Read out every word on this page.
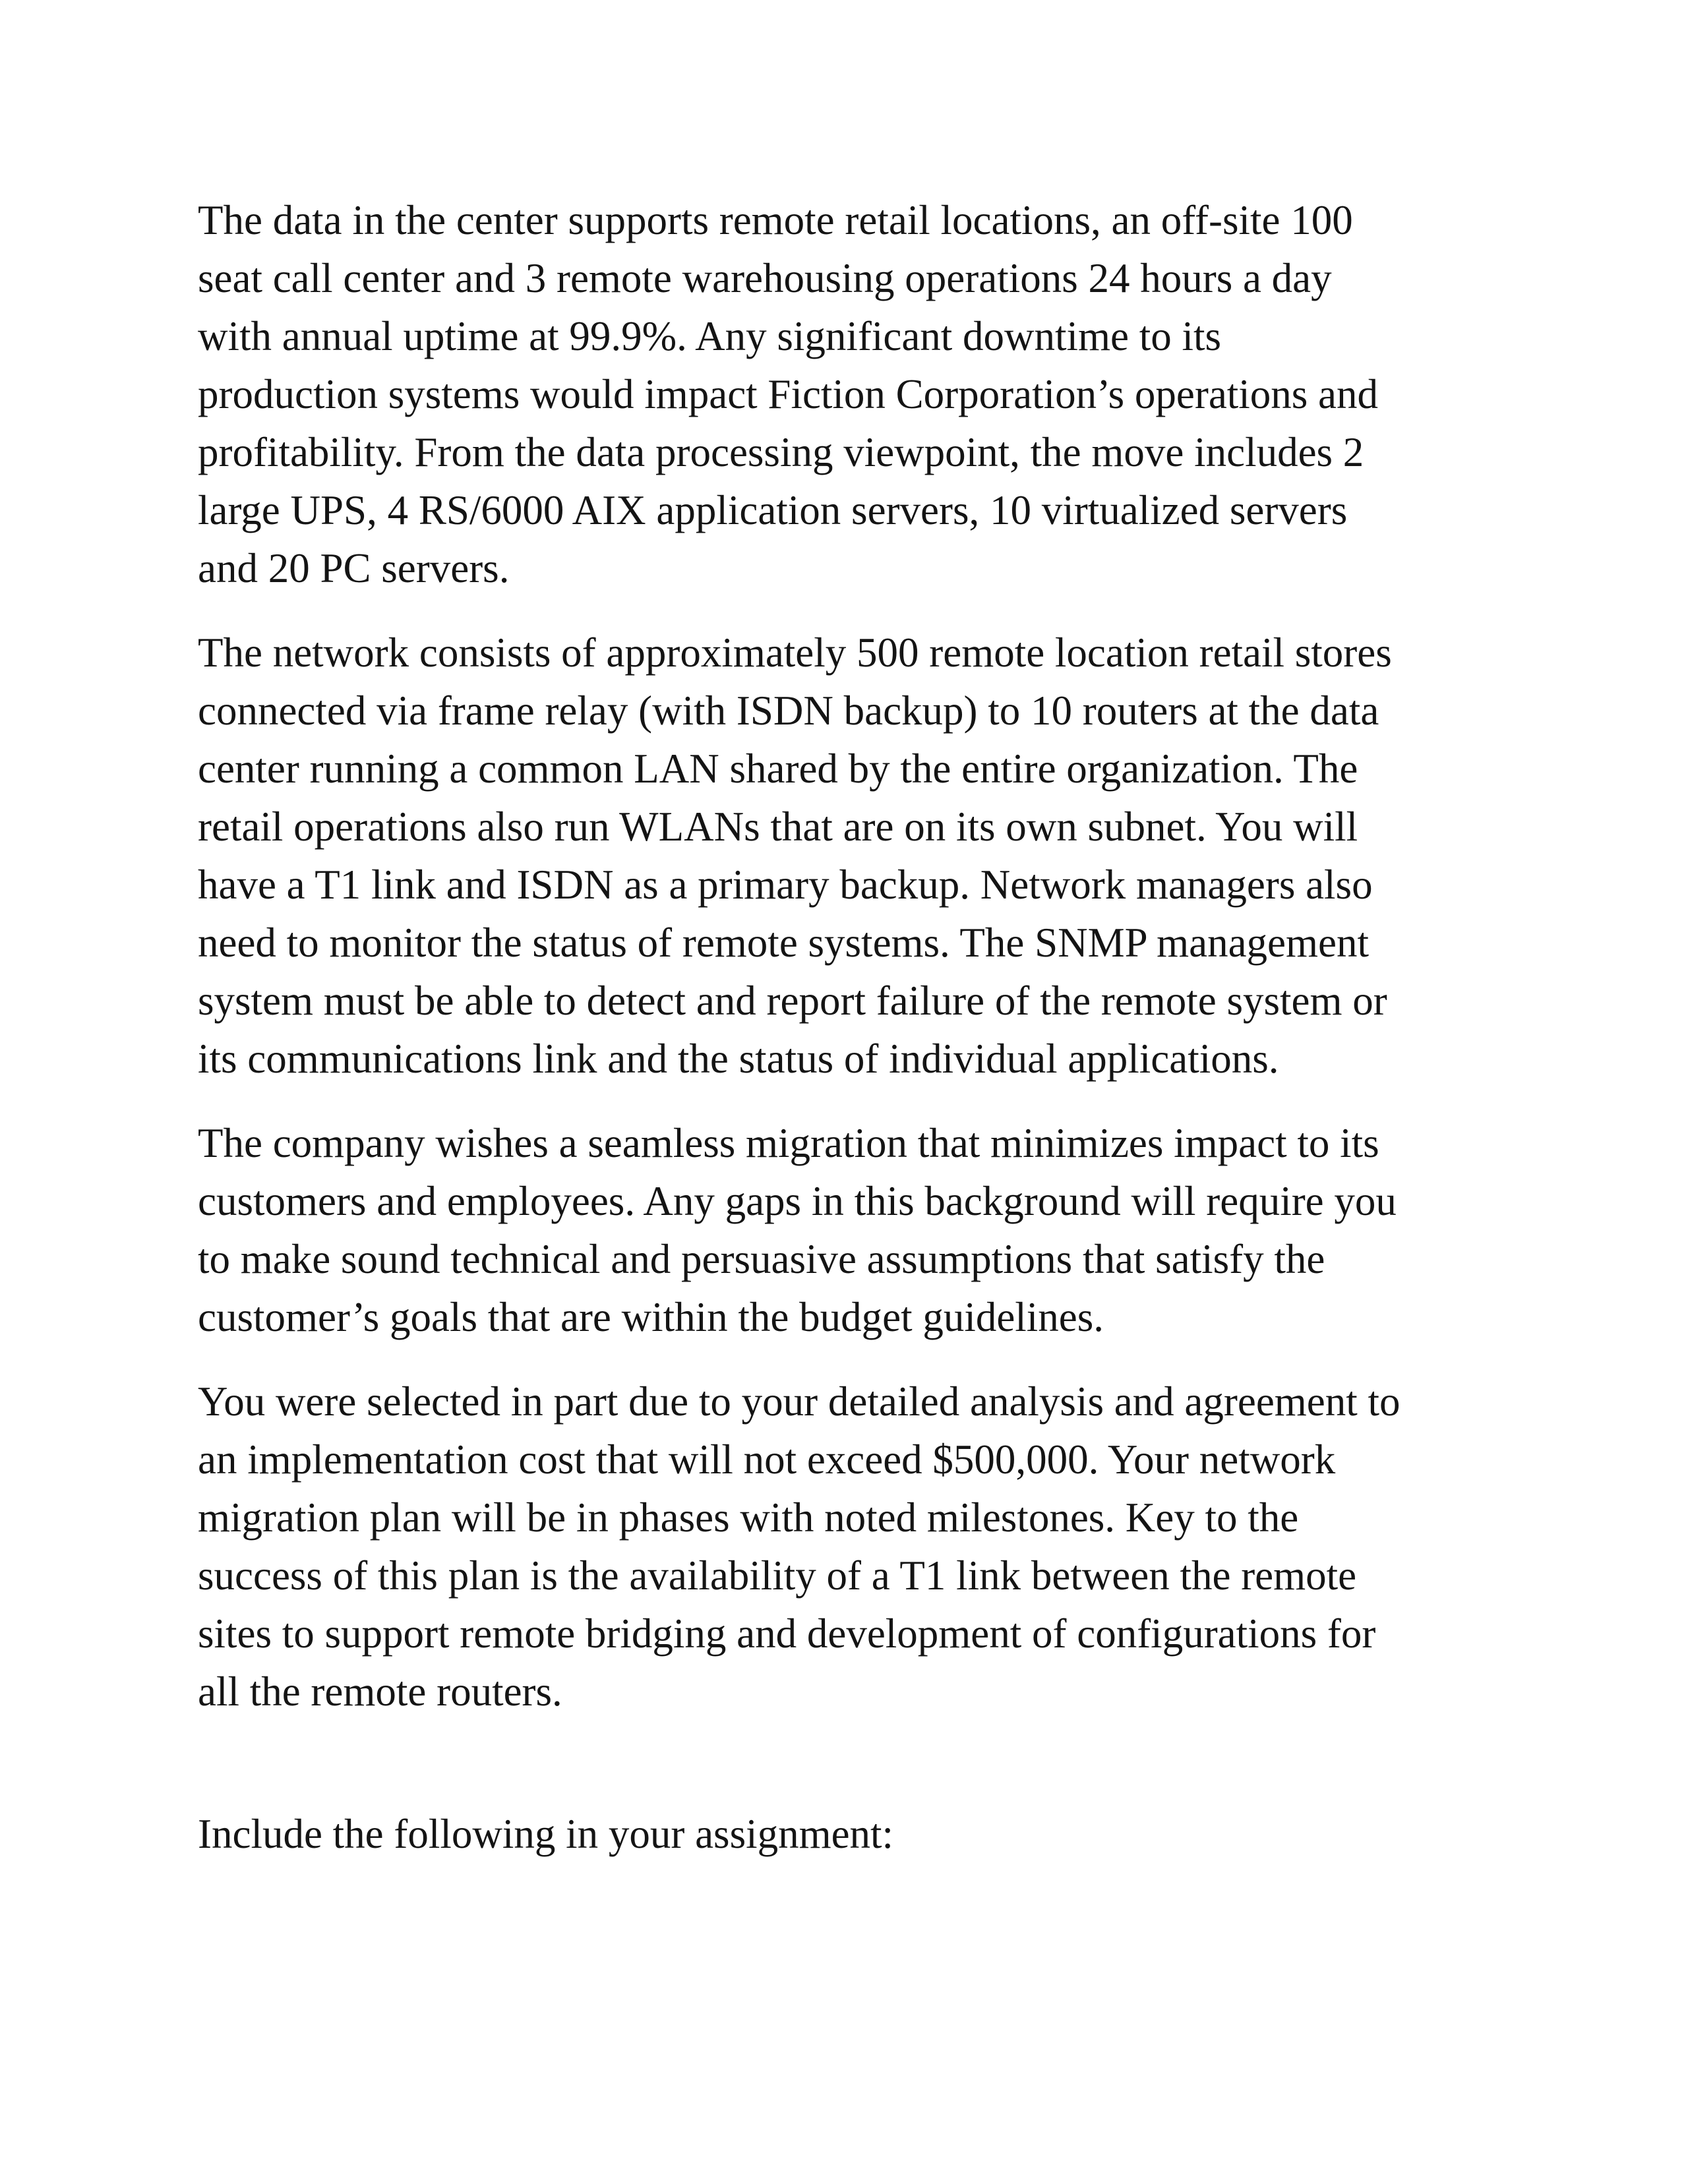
The data in the center supports remote retail locations, an off-site 100
seat call center and 3 remote warehousing operations 24 hours a day
with annual uptime at 99.9%. Any significant downtime to its
production systems would impact Fiction Corporation’s operations and
profitability. From the data processing viewpoint, the move includes 2
large UPS, 4 RS/6000 AIX application servers, 10 virtualized servers
and 20 PC servers.

The network consists of approximately 500 remote location retail stores
connected via frame relay (with ISDN backup) to 10 routers at the data
center running a common LAN shared by the entire organization. The
retail operations also run WLANs that are on its own subnet. You will
have a T1 link and ISDN as a primary backup. Network managers also
need to monitor the status of remote systems. The SNMP management
system must be able to detect and report failure of the remote system or
its communications link and the status of individual applications.

The company wishes a seamless migration that minimizes impact to its
customers and employees. Any gaps in this background will require you
to make sound technical and persuasive assumptions that satisfy the
customer’s goals that are within the budget guidelines.

You were selected in part due to your detailed analysis and agreement to
an implementation cost that will not exceed $500,000. Your network
migration plan will be in phases with noted milestones. Key to the
success of this plan is the availability of a T1 link between the remote
sites to support remote bridging and development of configurations for
all the remote routers.

Include the following in your assignment:
